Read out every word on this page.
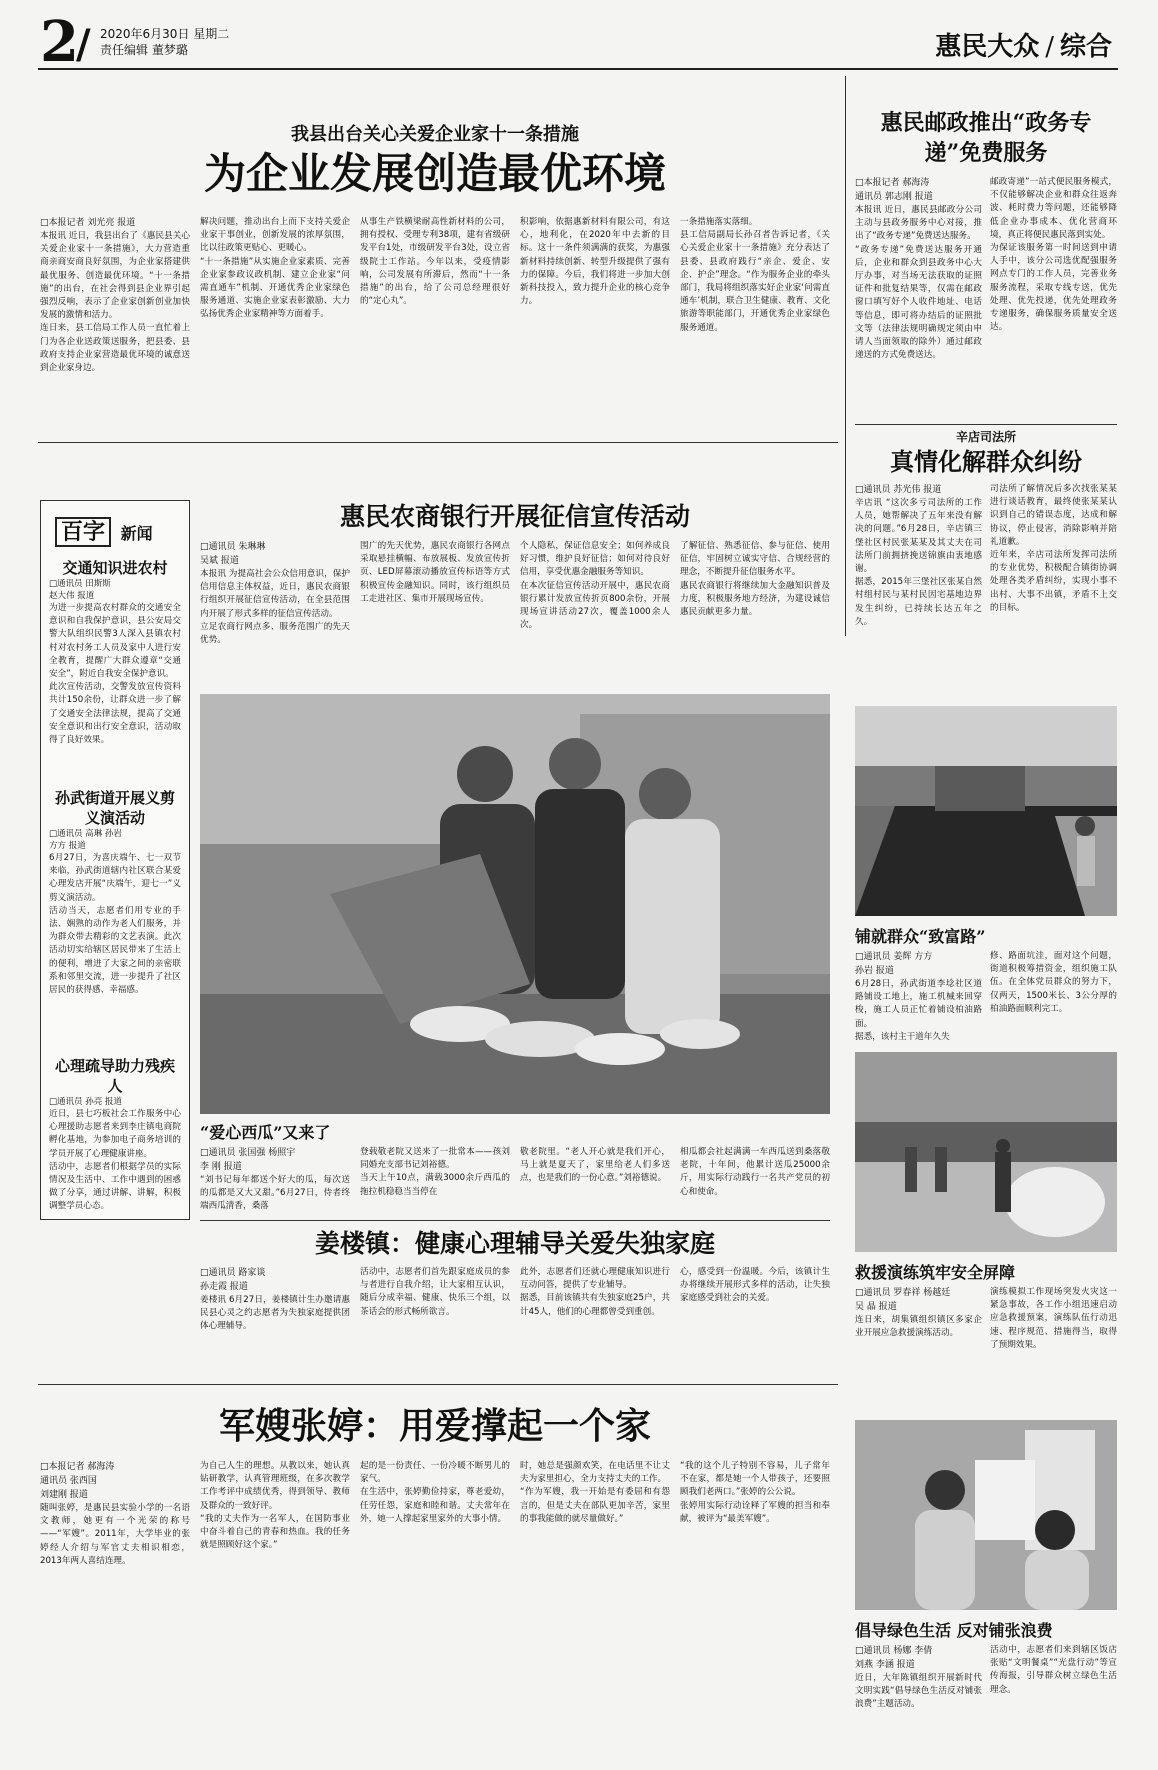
2
/ 2020年6月30日 星期二
责任编辑 董梦璐	惠民大众 / 综合
我县出台关心关爱企业家十一条措施
为企业发展创造最优环境
□本报记者 刘光亮 报道
本报讯 近日，我县出台了《惠民县关心关爱企业家十一条措施》，大力营造重商亲商安商良好氛围，为企业家搭建供最优服务、创造最优环境。“十一条措施”的出台，在社会得到县企业界引起强烈反响，表示了企业家创新创业加快发展的激情和活力。
连日来，县工信局工作人员一直忙着上门为各企业送政策送服务，把县委、县政府支持企业家营造最优环境的诚意送到企业家身边。
解决问题，推动出台上而下支持关爱企业家干事创业，创新发展的浓厚氛围，比以往政策更贴心、更暖心。
“十一条措施”从实施企业家素质、完善企业家参政议政机制、建立企业家“问需直通车”机制、开通优秀企业家绿色服务通道、实施企业家表彰激励、大力弘扬优秀企业家精神等方面着手。
从事生产铁横梁耐高性新材料的公司，拥有授权、受理专利38项，建有省级研发平台1处，市级研发平台3处，设立省级院士工作站。今年以来，受疫情影响，公司发展有所滞后，然而“十一条措施”的出台，给了公司总经理很好的“定心丸”。
积影响，依据惠新材料有限公司，有这心，地利化，在2020年中去新的目标。这十一条件须满满的获奖，为惠强新材料持续创新、转型升级提供了强有力的保障。今后，我们将进一步加大创新科技投入，致力提升企业的核心竞争力。
一条措施落实落细。
县工信局副局长孙召者告诉记者，《关心关爱企业家十一条措施》充分表达了县委、县政府践行“亲企、爱企、安企、护企”理念。“作为服务企业的牵头部门，我局将组织落实好企业家‘问需直通车’机制，联合卫生健康、教育、文化旅游等职能部门，开通优秀企业家绿色服务通道。
惠民邮政推出“政务专递”免费服务
□本报记者 郝海涛
通讯员 郭志刚 报道
本报讯 近日，惠民县邮政分公司主动与县政务服务中心对接，推出了“政务专递”免费送达服务。
“政务专递”免费送达服务开通后，企业和群众到县政务中心大厅办事，对当场无法获取的证照证件和批复结果等，仅需在邮政窗口填写好个人收件地址、电话等信息，即可将办结后的证照批文等（法律法规明确规定须由申请人当面领取的除外）通过邮政递送的方式免费送达。
邮政寄递”一站式便民服务模式，不仅能够解决企业和群众往返奔波、耗时费力等问题，还能够降低企业办事成本、优化营商环境，真正将便民惠民落到实处。
为保证该服务第一时间送到申请人手中，该分公司选优配强服务网点专门的工作人员，完善业务服务流程，采取专线专送，优先处理、优先投递，优先处理政务专递服务，确保服务质量安全送达。
辛店司法所
真情化解群众纠纷
□通讯员 苏光伟 报道
辛店讯 “这次多亏司法所的工作人员，她帮解决了五年来没有解决的问题。”6月28日，辛店镇三堡社区村民张某某及其丈夫在司法所门前拥挤挽送锦旗由衷地感谢。
据悉，2015年三堡社区张某自然村组村民与某村民因宅基地边界发生纠纷，已持续长达五年之久。
司法所了解情况后多次找张某某进行谈话教育，最终使张某某认识到自己的错误态度，达成和解协议，停止侵害，消除影响并陪礼道歉。
近年来，辛店司法所发挥司法所的专业优势，积极配合镇街协调处理各类矛盾纠纷，实现小事不出村、大事不出镇，矛盾不上交的目标。
百字 新闻
交通知识进农村
□通讯员 田斯斯
赵大伟 报道
为进一步提高农村群众的交通安全意识和自我保护意识，县公安局交警大队组织民警3人深入县镇农村村对农村务工人员及家中人进行安全教育，提醒广大群众遵章“交通安全”，附近自我安全保护意识。
此次宣传活动，交警发放宣传资料共计150余份，让群众进一步了解了交通安全法律法规，提高了交通安全意识和出行安全意识，活动取得了良好效果。
孙武街道开展义剪义演活动
□通讯员 高琳 孙岩
方方 报道
6月27日，为喜庆端午、七一双节来临，孙武街道辖内社区联合某爱心理发店开展“庆端午，迎七一”义剪义演活动。
活动当天，志愿者们用专业的手法、娴熟的动作为老人们服务，并为群众带去精彩的文艺表演。此次活动切实给辖区居民带来了生活上的便利，增进了大家之间的亲密联系和邻里交流，进一步提升了社区居民的获得感、幸福感。
心理疏导助力残疾人
□通讯员 孙亮 报道
近日，县七巧板社会工作服务中心心理援助志愿者来到李庄镇电商院孵化基地，为参加电子商务培训的学员开展了心理健康讲座。
活动中，志愿者们根据学员的实际情况及生活中、工作中遇到的困惑做了分享，通过讲解、讲解，积极调整学员心态。
惠民农商银行开展征信宣传活动
□通讯员 朱琳琳
吴斌 报道
本报讯 为提高社会公众信用意识，保护信用信息主体权益，近日，惠民农商银行组织开展征信宣传活动，在全县范围内开展了形式多样的征信宣传活动。
立足农商行网点多、服务范围广的先天优势。
围广的先天优势，惠民农商银行各网点采取悬挂横幅、布放展板、发放宣传折页、LED屏幕滚动播放宣传标语等方式积极宣传金融知识。同时，该行组织员工走进社区、集市开展现场宣传。
个人隐私，保证信息安全；如何养成良好习惯，维护良好征信；如何对待良好信用，享受优惠金融服务等知识。
在本次征信宣传活动开展中，惠民农商银行累计发放宣传折页800余份，开展现场宣讲活动27次，覆盖1000余人次。
了解征信、熟悉征信、参与征信、使用征信，牢固树立诚实守信、合规经营的理念，不断提升征信服务水平。
惠民农商银行将继续加大金融知识普及力度，积极服务地方经济，为建设诚信惠民贡献更多力量。
“爱心西瓜”又来了
□通讯员 张国强 杨照宇
李 刚 报道
“刘书记每年都送个好大的瓜，每次送的瓜都是又大又甜。”6月27日，侍者终端西瓜清香，桑落
登载敬老院又送来了一批常本——孩刘同婚充支部书记刘裕德。
当天上午10点，满载3000余斤西瓜的拖拉机稳稳当当停在
敬老院里。“老人开心就是我们开心，马上就是夏天了，家里给老人们多送点，也是我们的一份心意。”刘裕德说。
相瓜都会社起满满一车西瓜送到桑落敬老院，十年间，他累计送瓜25000余斤，用实际行动践行一名共产党员的初心和使命。
铺就群众“致富路”
□通讯员 姜辉 方方
孙岩 报道
6月28日，孙武街道李埝社区道路铺设工地上，施工机械来回穿梭，施工人员正忙着铺设柏油路面。
据悉，该村主干道年久失
修、路面坑洼，面对这个问题，街道积极筹措资金，组织施工队伍。在全体党员群众的努力下，仅两天，1500米长、3公分厚的柏油路面顺利完工。
姜楼镇：健康心理辅导关爱失独家庭
□通讯员 路家谈
孙走霞 报道
姜楼讯 6月27日，姜楼镇计生办邀请惠民县心灵之约志愿者为失独家庭提供团体心理辅导。
活动中，志愿者们首先跟家庭成员的参与者进行自我介绍，让大家相互认识，随后分成幸福、健康、快乐三个组，以茶话会的形式畅所欲言。
此外，志愿者们还就心理健康知识进行互动问答，提供了专业辅导。
据悉，目前该镇共有失独家庭25户，共计45人，他们的心理都曾受到重创。
心，感受到一份温暖。今后，该镇计生办将继续开展形式多样的活动，让失独家庭感受到社会的关爱。
救援演练筑牢安全屏障
□通讯员 罗春祥 杨越廷
吴 晶 报道
连日来，胡集镇组织镇区多家企业开展应急救援演练活动。
演练模拟工作现场突发火灾这一紧急事故，各工作小组迅速启动应急救援预案，演练队伍行动迅速、程序规范、措施得当，取得了预期效果。
军嫂张婷：用爱撑起一个家
□本报记者 郝海涛
通讯员 张西国
刘建刚 报道
随叫张婷，是惠民县实验小学的一名语文教师，她更有一个光荣的称号——“军嫂”。2011年，大学毕业的张婷经人介绍与军官丈夫相识相恋，2013年两人喜结连理。
为自己人生的理想。从教以来，她认真钻研教学，认真管理班级，在多次教学工作考评中成绩优秀，得到领导、教师及群众的一致好评。
“我的丈夫作为一名军人，在国防事业中奋斗着自己的青春和热血。我的任务就是照顾好这个家。”
起的是一份责任、一份冷暖不断男儿的家气。
在生活中，张婷勤俭持家，尊老爱幼，任劳任怨，家庭和睦和谐。丈夫常年在外，她一人撑起家里家外的大事小情。
时，她总是强颜欢笑，在电话里不让丈夫为家里担心，全力支持丈夫的工作。
“作为军嫂，我一开始是有委屈和有怨言的，但是丈夫在部队更加辛苦，家里的事我能做的就尽量做好。”
“我的这个儿子特别不容易，儿子常年不在家，都是她一个人带孩子，还要照顾我们老两口。”张婷的公公说。
张婷用实际行动诠释了军嫂的担当和奉献，被评为“最美军嫂”。
倡导绿色生活 反对铺张浪费
□通讯员 杨娜 李倩
刘燕 李涵 报道
近日，大年陈镇组织开展新时代文明实践“倡导绿色生活反对铺张浪费”主题活动。
活动中，志愿者们来到辖区饭店张贴“文明餐桌”“光盘行动”等宣传海报，引导群众树立绿色生活理念。
